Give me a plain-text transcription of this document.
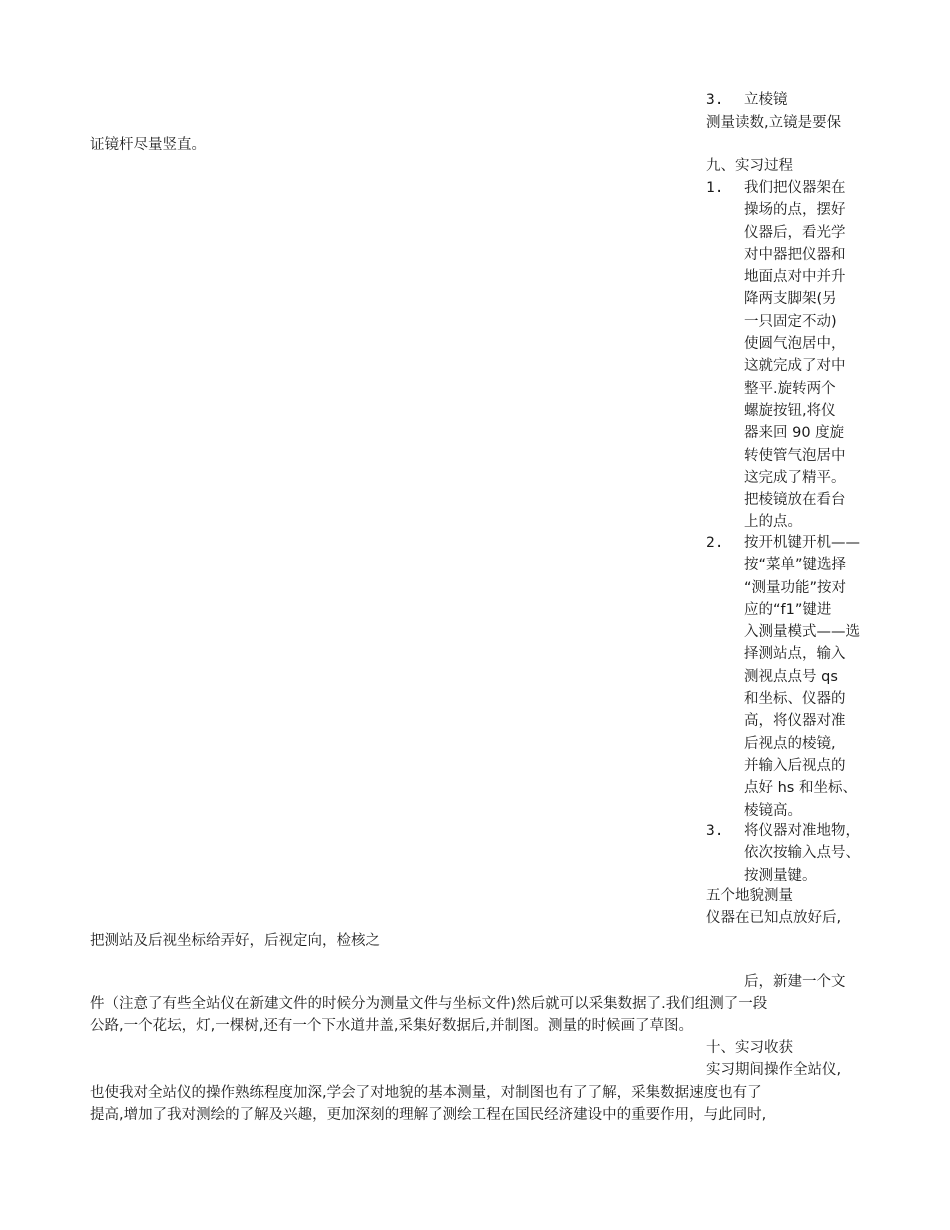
3. 立棱镜
测量读数,立镜是要保
证镜杆尽量竖直。
九、实习过程
1. 我们把仪器架在
操场的点，摆好
仪器后，看光学
对中器把仪器和
地面点对中并升
降两支脚架(另
一只固定不动)
使圆气泡居中，
这就完成了对中
整平.旋转两个
螺旋按钮,将仪
器来回 90 度旋
转使管气泡居中
这完成了精平。
把棱镜放在看台
上的点。
2. 按开机键开机——
按“菜单”键选择
“测量功能”按对
应的“f1”键进
入测量模式——选
择测站点，输入
测视点点号 qs
和坐标、仪器的
高，将仪器对准
后视点的棱镜,
并输入后视点的
点好 hs 和坐标、
棱镜高。
3. 将仪器对准地物，
依次按输入点号、
按测量键。
五个地貌测量
仪器在已知点放好后,
把测站及后视坐标给弄好，后视定向，检核之
后，新建一个文
件（注意了有些全站仪在新建文件的时候分为测量文件与坐标文件)然后就可以采集数据了.我们组测了一段
公路,一个花坛，灯,一棵树,还有一个下水道井盖,采集好数据后,并制图。测量的时候画了草图。
十、实习收获
实习期间操作全站仪,
也使我对全站仪的操作熟练程度加深,学会了对地貌的基本测量，对制图也有了了解，采集数据速度也有了
提高,增加了我对测绘的了解及兴趣，更加深刻的理解了测绘工程在国民经济建设中的重要作用，与此同时,
